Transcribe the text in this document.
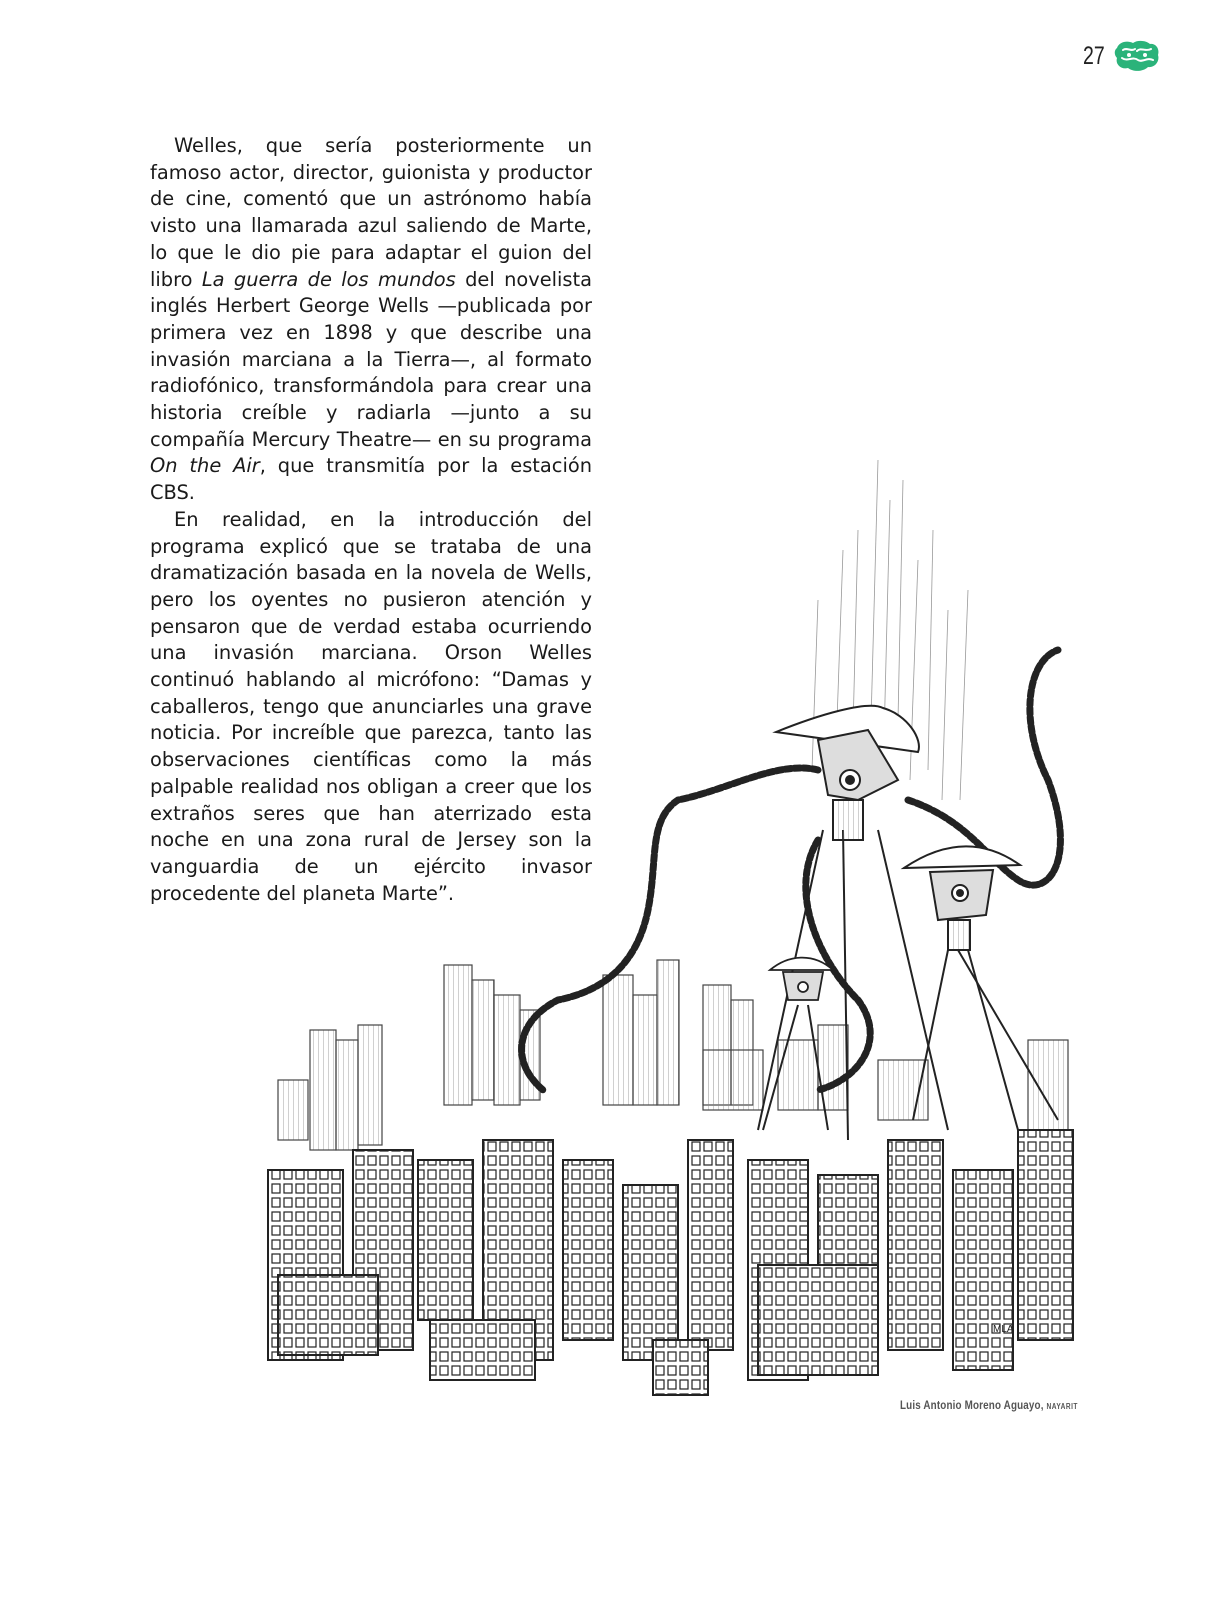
27

Welles, que sería posteriormente un famoso actor, director, guionista y productor de cine, comentó que un astrónomo había visto una llamarada azul saliendo de Marte, lo que le dio pie para adaptar el guion del libro La guerra de los mundos del novelista inglés Herbert George Wells —publicada por primera vez en 1898 y que describe una invasión marciana a la Tierra—, al formato radiofónico, transformándola para crear una historia creíble y radiarla —junto a su compañía Mercury Theatre— en su programa On the Air, que transmitía por la estación CBS.

En realidad, en la introducción del programa explicó que se trataba de una dramatización basada en la novela de Wells, pero los oyentes no pusieron atención y pensaron que de verdad estaba ocurriendo una invasión marciana. Orson Welles continuó hablando al micrófono: “Damas y caballeros, tengo que anunciarles una grave noticia. Por increíble que parezca, tanto las observaciones científicas como la más palpable realidad nos obligan a creer que los extraños seres que han aterrizado esta noche en una zona rural de Jersey son la vanguardia de un ejército invasor procedente del planeta Marte”.

MLA
Luis Antonio Moreno Aguayo, NAYARIT
